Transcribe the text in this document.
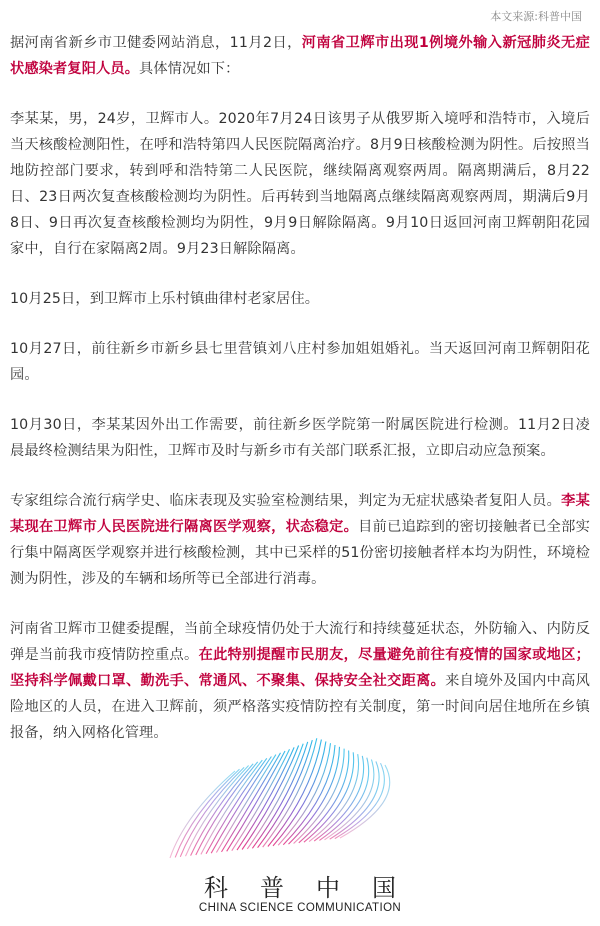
本文来源:科普中国

据河南省新乡市卫健委网站消息，11月2日，河南省卫辉市出现1例境外输入新冠肺炎无症状感染者复阳人员。具体情况如下：

李某某，男，24岁，卫辉市人。2020年7月24日该男子从俄罗斯入境呼和浩特市，入境后当天核酸检测阳性，在呼和浩特第四人民医院隔离治疗。8月9日核酸检测为阴性。后按照当地防控部门要求，转到呼和浩特第二人民医院，继续隔离观察两周。隔离期满后，8月22日、23日两次复查核酸检测均为阴性。后再转到当地隔离点继续隔离观察两周，期满后9月8日、9日再次复查核酸检测均为阴性，9月9日解除隔离。9月10日返回河南卫辉朝阳花园家中，自行在家隔离2周。9月23日解除隔离。

10月25日，到卫辉市上乐村镇曲律村老家居住。

10月27日，前往新乡市新乡县七里营镇刘八庄村参加姐姐婚礼。当天返回河南卫辉朝阳花园。

10月30日，李某某因外出工作需要，前往新乡医学院第一附属医院进行检测。11月2日凌晨最终检测结果为阳性，卫辉市及时与新乡市有关部门联系汇报，立即启动应急预案。

专家组综合流行病学史、临床表现及实验室检测结果，判定为无症状感染者复阳人员。李某某现在卫辉市人民医院进行隔离医学观察，状态稳定。目前已追踪到的密切接触者已全部实行集中隔离医学观察并进行核酸检测，其中已采样的51份密切接触者样本均为阴性，环境检测为阴性，涉及的车辆和场所等已全部进行消毒。

河南省卫辉市卫健委提醒，当前全球疫情仍处于大流行和持续蔓延状态，外防输入、内防反弹是当前我市疫情防控重点。在此特别提醒市民朋友，尽量避免前往有疫情的国家或地区；坚持科学佩戴口罩、勤洗手、常通风、不聚集、保持安全社交距离。来自境外及国内中高风险地区的人员，在进入卫辉前，须严格落实疫情防控有关制度，第一时间向居住地所在乡镇报备，纳入网格化管理。

科普中国
CHINA SCIENCE COMMUNICATION
